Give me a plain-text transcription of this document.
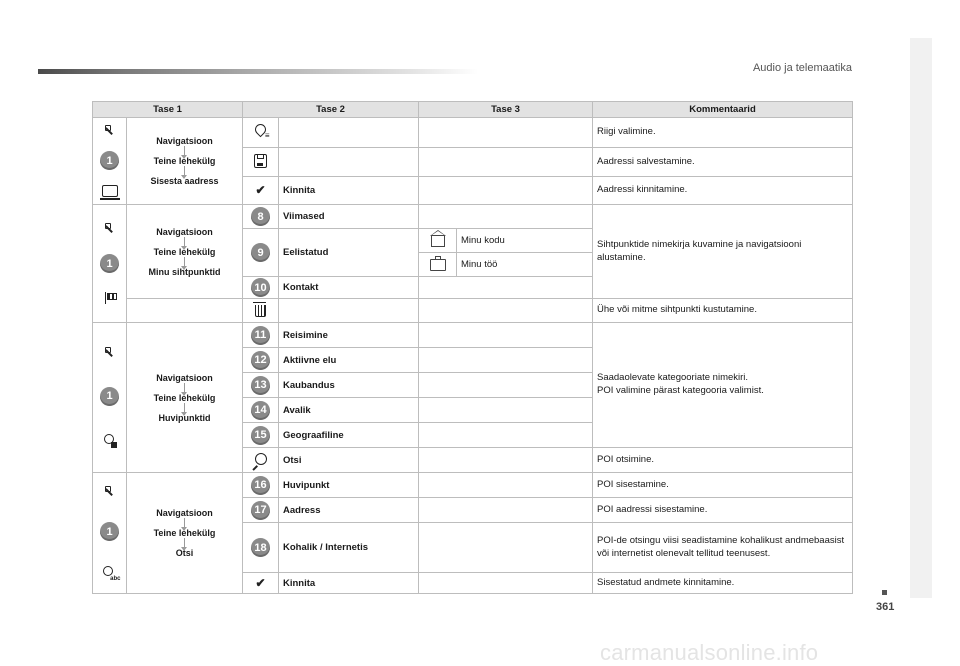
Audio ja telemaatika
361
carmanualsonline.info
Tase 1		Tase 2		Tase 3		Kommentaarid

1	Navigatsioon
Teine lehekülg
Sisesta aadress
	≡				Riigi valimine.
						Aadressi salvestamine.
		✔	Kinnita			Aadressi kinnitamine.

1	Navigatsioon
Teine lehekülg
Minu sihtpunktid	8	Viimased			Sihtpunktide nimekirja kuvamine ja navigatsiooni alustamine.
		9	Eelistatud		Minu kodu	
					Minu töö	
		10	Kontakt			
						Ühe või mitme sihtpunkti kustutamine.

1	Navigatsioon
Teine lehekülg
Huvipunktid	11	Reisimine			Saadaolevate kategooriate nimekiri.
POI valimine pärast kategooria valimist.

		12	Aktiivne elu			
		13	Kaubandus			
		14	Avalik			
		15	Geograafiline			
			Otsi			POI otsimine.

1
abc	Navigatsioon
Teine lehekülg
Otsi	16	Huvipunkt			POI sisestamine.
		17	Aadress			POI aadressi sisestamine.
		18	Kohalik / Internetis			POI-de otsingu viisi seadistamine kohalikust andmebaasist või internetist olenevalt tellitud teenusest.
		✔	Kinnita			Sisestatud andmete kinnitamine.
